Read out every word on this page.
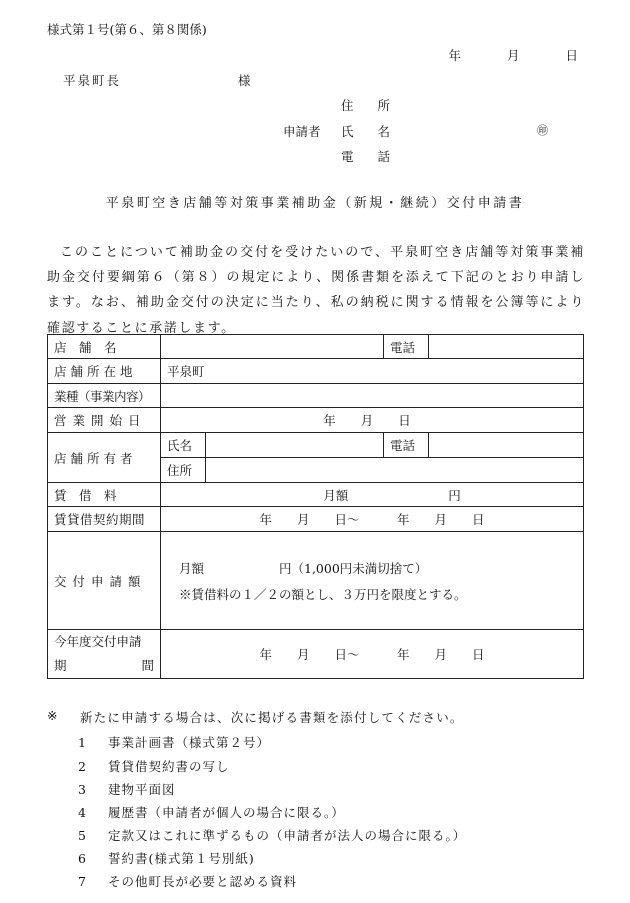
様式第１号(第６、第８関係)
年	月	日
平泉町長	様
住 所
申請者 氏 名	㊞
電 話
平泉町空き店舗等対策事業補助金（新規・継続）交付申請書
このことについて補助金の交付を受けたいので、平泉町空き店舗等対策事業補助金交付要綱第６（第８）の規定により、関係書類を添えて下記のとおり申請します。なお、補助金交付の決定に当たり、私の納税に関する情報を公簿等により確認することに承諾します。
店　舗　名			電話	
店舗所在地	平泉町			
業種（事業内容）				
営業開始日	年　　月　　日			
店舗所有者	氏名		電話	
	住所			

賃　借　料	月額　　　　　　　　円			
賃貸借契約期間	年　　月　　日～　　　年　　月　　日			
交付申請額	月額　　　　　　円（1,000円未満切捨て）
※賃借料の１／２の額とし、３万円を限度とする。			

今年度交付申請
期 間	年　　月　　日～　　　年　　月　　日			
※ 新たに申請する場合は、次に掲げる書類を添付してください。
1 事業計画書（様式第２号）
2 賃貸借契約書の写し
3 建物平面図
4 履歴書（申請者が個人の場合に限る。）
5 定款又はこれに準ずるもの（申請者が法人の場合に限る。）
6 誓約書(様式第１号別紙)
7 その他町長が必要と認める資料
